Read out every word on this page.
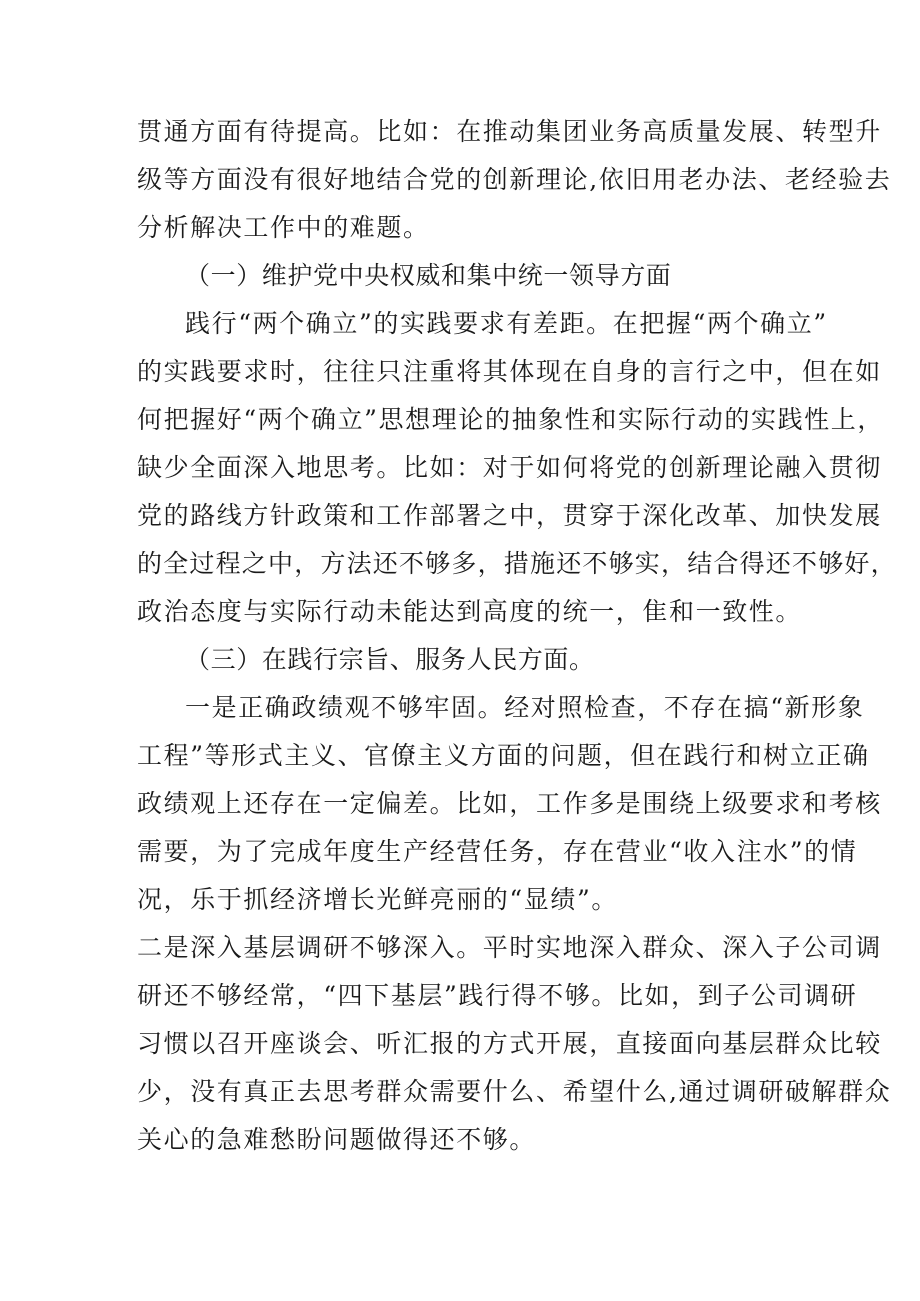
贯通方面有待提高。比如：在推动集团业务高质量发展、转型升
级等方面没有很好地结合党的创新理论,依旧用老办法、老经验去
分析解决工作中的难题。
（一）维护党中央权威和集中统一领导方面
践行“两个确立”的实践要求有差距。在把握“两个确立”
的实践要求时，往往只注重将其体现在自身的言行之中，但在如
何把握好“两个确立”思想理论的抽象性和实际行动的实践性上，
缺少全面深入地思考。比如：对于如何将党的创新理论融入贯彻
党的路线方针政策和工作部署之中，贯穿于深化改革、加快发展
的全过程之中，方法还不够多，措施还不够实，结合得还不够好，
政治态度与实际行动未能达到高度的统一，隹和一致性。
（三）在践行宗旨、服务人民方面。
一是正确政绩观不够牢固。经对照检查，不存在搞“新形象
工程”等形式主义、官僚主义方面的问题，但在践行和树立正确
政绩观上还存在一定偏差。比如，工作多是围绕上级要求和考核
需要，为了完成年度生产经营任务，存在营业“收入注水”的情
况，乐于抓经济增长光鲜亮丽的“显绩”。
二是深入基层调研不够深入。平时实地深入群众、深入子公司调
研还不够经常，“四下基层”践行得不够。比如，到子公司调研
习惯以召开座谈会、听汇报的方式开展，直接面向基层群众比较
少，没有真正去思考群众需要什么、希望什么,通过调研破解群众
关心的急难愁盼问题做得还不够。
